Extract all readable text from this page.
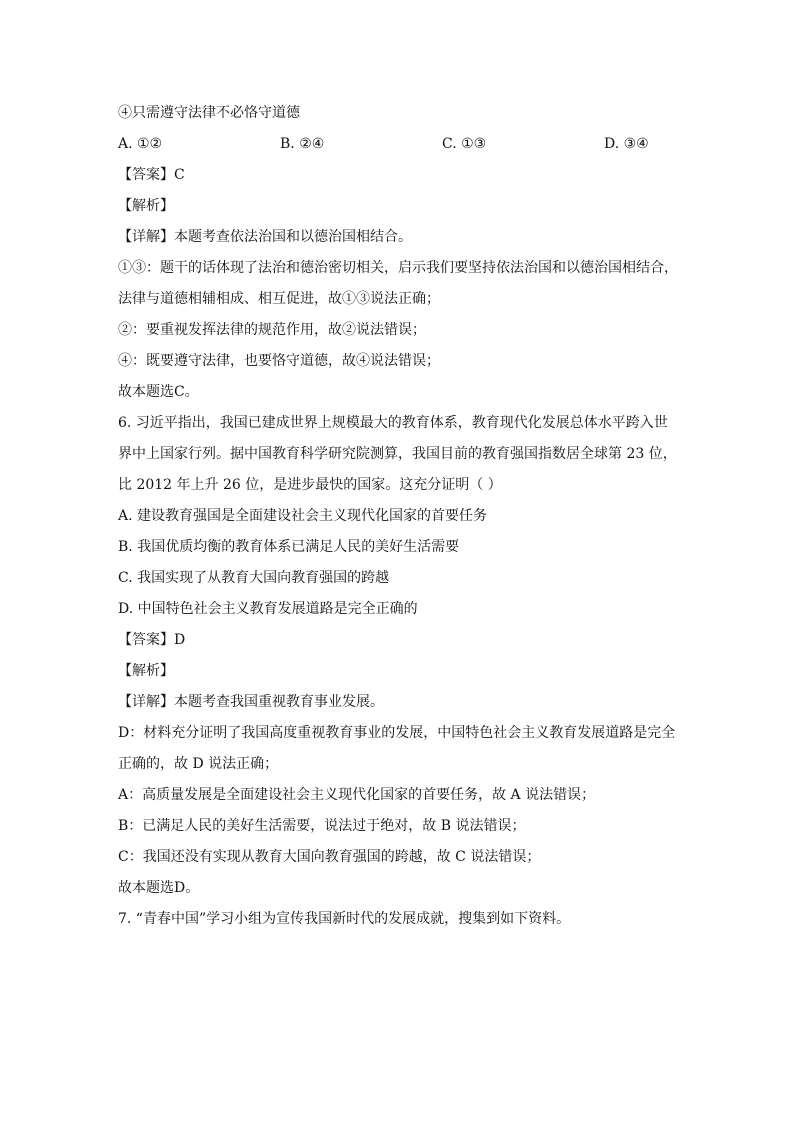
④只需遵守法律不必恪守道德
A. ①②	B. ②④	C. ①③	D. ③④
【答案】C
【解析】
【详解】本题考查依法治国和以德治国相结合。
①③：题干的话体现了法治和德治密切相关，启示我们要坚持依法治国和以德治国相结合，
法律与道德相辅相成、相互促进，故①③说法正确；
②：要重视发挥法律的规范作用，故②说法错误；
④：既要遵守法律，也要恪守道德，故④说法错误；
故本题选C。
6. 习近平指出，我国已建成世界上规模最大的教育体系，教育现代化发展总体水平跨入世
界中上国家行列。据中国教育科学研究院测算，我国目前的教育强国指数居全球第 23 位，
比 2012 年上升 26 位，是进步最快的国家。这充分证明（ ）
A. 建设教育强国是全面建设社会主义现代化国家的首要任务
B. 我国优质均衡的教育体系已满足人民的美好生活需要
C. 我国实现了从教育大国向教育强国的跨越
D. 中国特色社会主义教育发展道路是完全正确的
【答案】D
【解析】
【详解】本题考查我国重视教育事业发展。
D：材料充分证明了我国高度重视教育事业的发展，中国特色社会主义教育发展道路是完全
正确的，故 D 说法正确；
A：高质量发展是全面建设社会主义现代化国家的首要任务，故 A 说法错误；
B：已满足人民的美好生活需要，说法过于绝对，故 B 说法错误；
C：我国还没有实现从教育大国向教育强国的跨越，故 C 说法错误；
故本题选D。
7. “青春中国”学习小组为宣传我国新时代的发展成就，搜集到如下资料。
